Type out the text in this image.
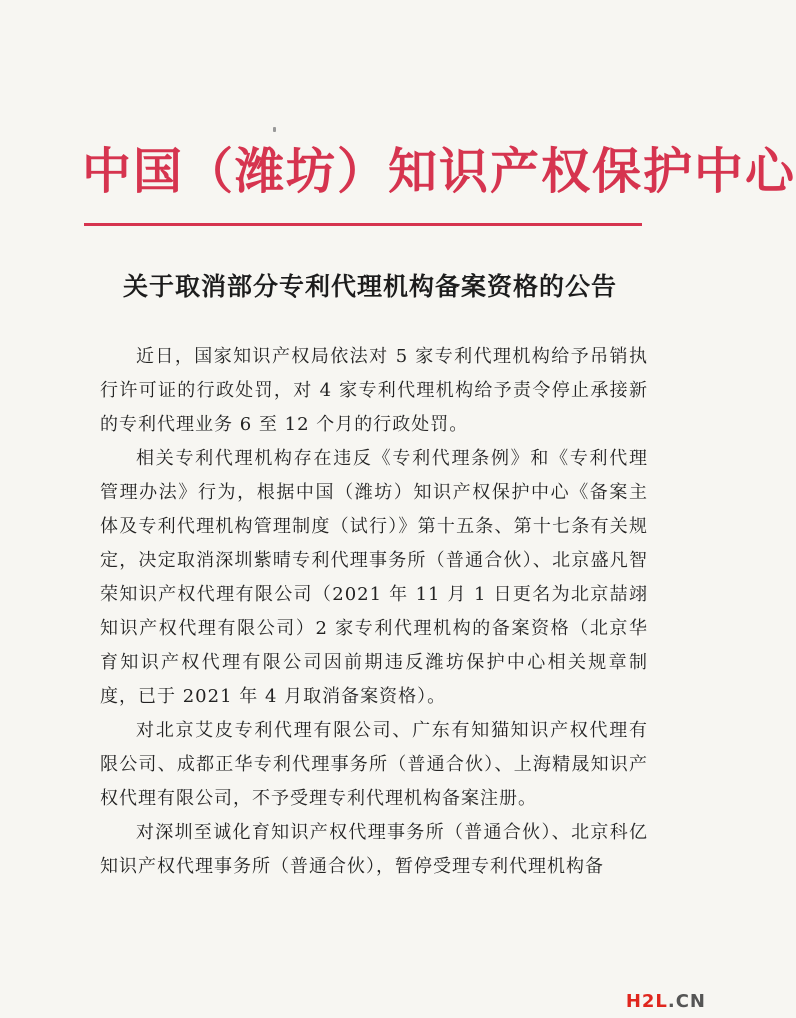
中国（潍坊）知识产权保护中心
关于取消部分专利代理机构备案资格的公告

近日，国家知识产权局依法对 5 家专利代理机构给予吊销执行许可证的行政处罚，对 4 家专利代理机构给予责令停止承接新的专利代理业务 6 至 12 个月的行政处罚。

相关专利代理机构存在违反《专利代理条例》和《专利代理管理办法》行为，根据中国（潍坊）知识产权保护中心《备案主体及专利代理机构管理制度（试行）》第十五条、第十七条有关规定，决定取消深圳紫晴专利代理事务所（普通合伙）、北京盛凡智荣知识产权代理有限公司（2021 年 11 月 1 日更名为北京喆翊知识产权代理有限公司）2 家专利代理机构的备案资格（北京华育知识产权代理有限公司因前期违反潍坊保护中心相关规章制度，已于 2021 年 4 月取消备案资格）。

对北京艾皮专利代理有限公司、广东有知猫知识产权代理有限公司、成都正华专利代理事务所（普通合伙）、上海精晟知识产权代理有限公司，不予受理专利代理机构备案注册。

对深圳至诚化育知识产权代理事务所（普通合伙）、北京科亿知识产权代理事务所（普通合伙），暂停受理专利代理机构备

H2L.CN
